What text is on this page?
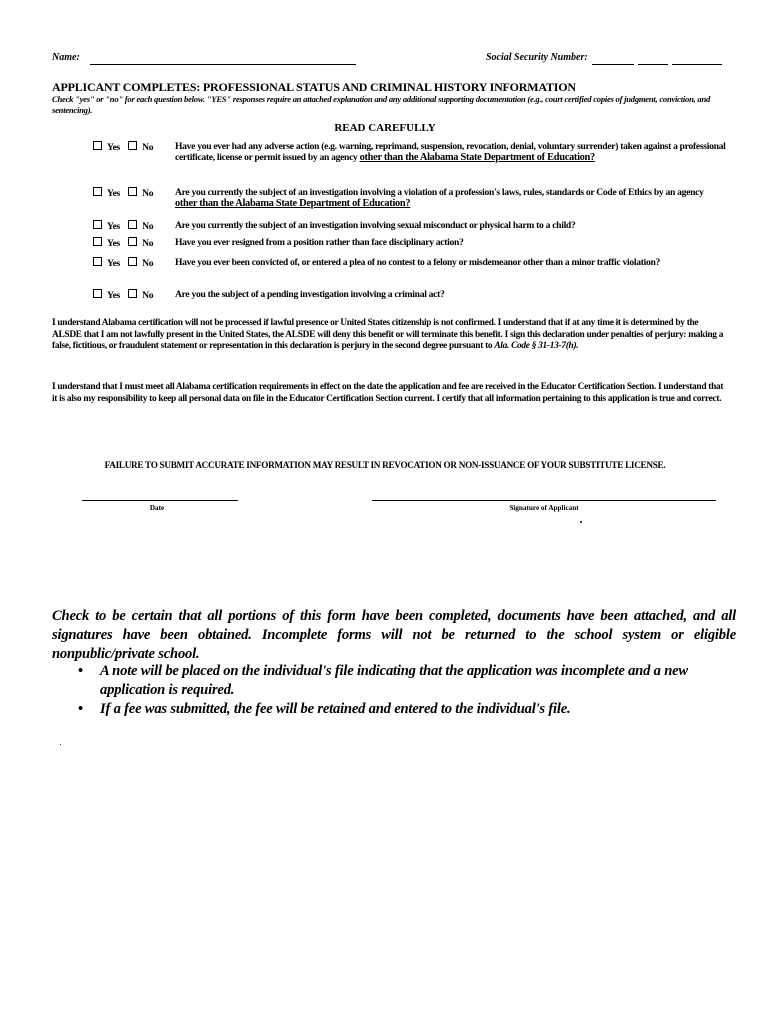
Name:	Social Security Number:
APPLICANT COMPLETES: PROFESSIONAL STATUS AND CRIMINAL HISTORY INFORMATION
Check "yes" or "no" for each question below. "YES" responses require an attached explanation and any additional supporting documentation (e.g., court certified copies of judgment, conviction, and sentencing).
READ CAREFULLY
Yes No	Have you ever had any adverse action (e.g. warning, reprimand, suspension, revocation, denial, voluntary surrender) taken against a professional certificate, license or permit issued by an agency other than the Alabama State Department of Education?
Yes No	Are you currently the subject of an investigation involving a violation of a profession's laws, rules, standards or Code of Ethics by an agency other than the Alabama State Department of Education?
Yes No	Are you currently the subject of an investigation involving sexual misconduct or physical harm to a child?
Yes No	Have you ever resigned from a position rather than face disciplinary action?
Yes No	Have you ever been convicted of, or entered a plea of no contest to a felony or misdemeanor other than a minor traffic violation?
Yes No	Are you the subject of a pending investigation involving a criminal act?
I understand Alabama certification will not be processed if lawful presence or United States citizenship is not confirmed. I understand that if at any time it is determined by the ALSDE that I am not lawfully present in the United States, the ALSDE will deny this benefit or will terminate this benefit. I sign this declaration under penalties of perjury: making a false, fictitious, or fraudulent statement or representation in this declaration is perjury in the second degree pursuant to Ala. Code § 31-13-7(h).
I understand that I must meet all Alabama certification requirements in effect on the date the application and fee are received in the Educator Certification Section. I understand that it is also my responsibility to keep all personal data on file in the Educator Certification Section current. I certify that all information pertaining to this application is true and correct.
FAILURE TO SUBMIT ACCURATE INFORMATION MAY RESULT IN REVOCATION OR NON-ISSUANCE OF YOUR SUBSTITUTE LICENSE.
Date	Signature of Applicant
Check to be certain that all portions of this form have been completed, documents have been attached, and all signatures have been obtained. Incomplete forms will not be returned to the school system or eligible nonpublic/private school.
• A note will be placed on the individual's file indicating that the application was incomplete and a new application is required.
• If a fee was submitted, the fee will be retained and entered to the individual's file.
